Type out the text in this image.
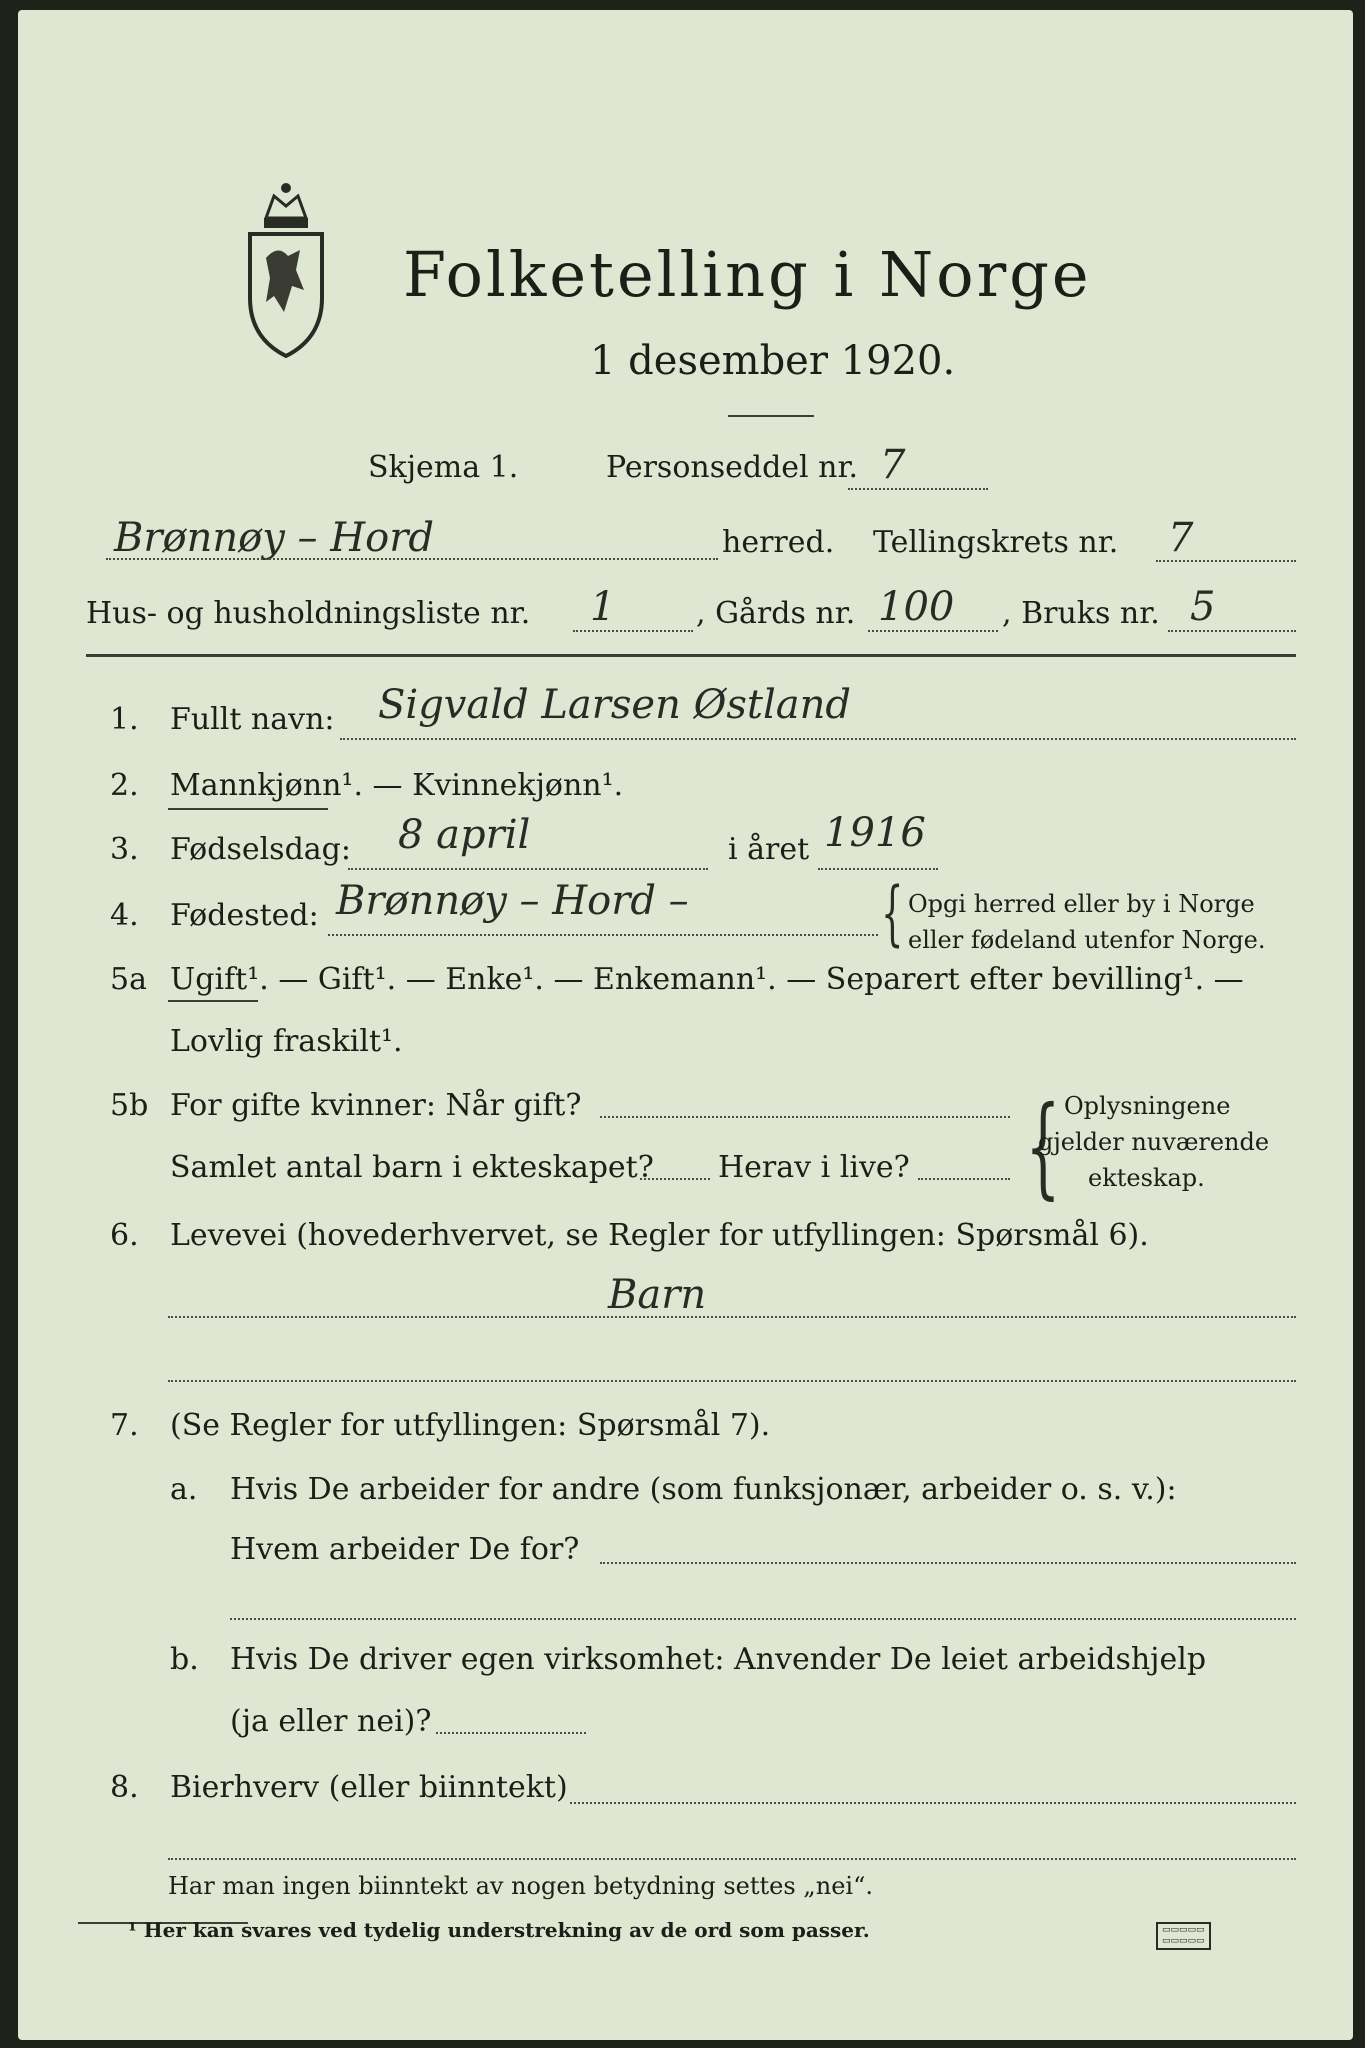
Folketelling i Norge
1 desember 1920.
Skjema 1.	Personseddel nr. 7
Brønnøy – Hord	herred. Tellingskrets nr. 7
Hus- og husholdningsliste nr. 1	, Gårds nr. 100 , Bruks nr. 5
1. Fullt navn: Sigvald Larsen Østland
2. Mannkjønn¹. — Kvinnekjønn¹.
3. Fødselsdag: 8 april	i året 1916
4. Fødested: Brønnøy – Hord –	{ Opgi herred eller by i Norge
eller fødeland utenfor Norge.
5a Ugift¹. — Gift¹. — Enke¹. — Enkemann¹. — Separert efter bevilling¹. —
Lovlig fraskilt¹.
5b For gifte kvinner: Når gift?
Samlet antal barn i ekteskapet? Herav i live? { Oplysningene
gjelder nuværende
ekteskap.
6. Levevei (hovederhvervet, se Regler for utfyllingen: Spørsmål 6).
Barn
7. (Se Regler for utfyllingen: Spørsmål 7).
a. Hvis De arbeider for andre (som funksjonær, arbeider o. s. v.):
Hvem arbeider De for?
b. Hvis De driver egen virksomhet: Anvender De leiet arbeidshjelp
(ja eller nei)?
8. Bierhverv (eller biinntekt)
Har man ingen biinntekt av nogen betydning settes „nei“.
¹ Her kan svares ved tydelig understrekning av de ord som passer.	▭▭▭▭▭
▭▭▭▭▭
